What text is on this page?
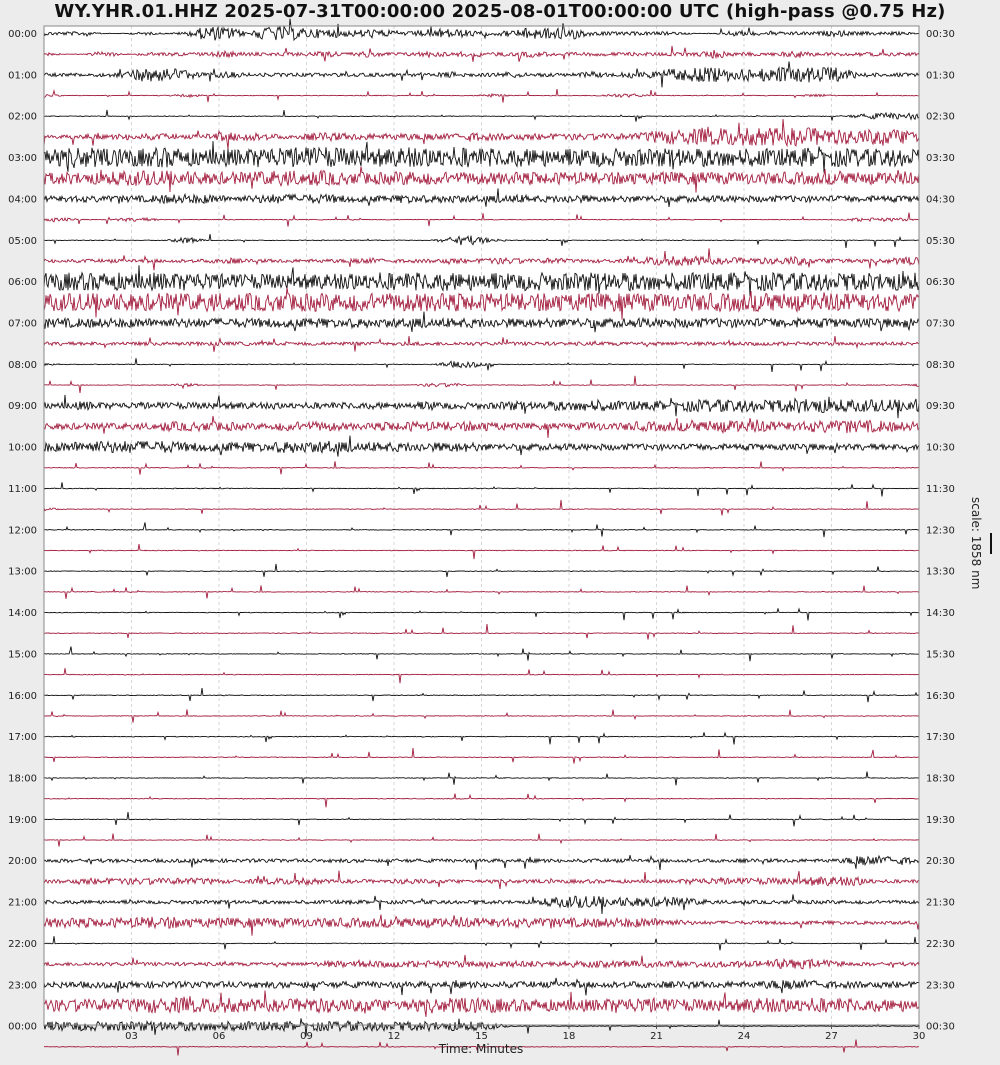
WY.YHR.01.HHZ 2025-07-31T00:00:00 2025-08-01T00:00:00 UTC (high-pass @0.75 Hz)
00:00
01:00
02:00
03:00
04:00
05:00
06:00
07:00
08:00
09:00
10:00
11:00
12:00
13:00
14:00
15:00
16:00
17:00
18:00
19:00
20:00
21:00
22:00
23:00
00:00
00:30
01:30
02:30
03:30
04:30
05:30
06:30
07:30
08:30
09:30
10:30
11:30
12:30
13:30
14:30
15:30
16:30
17:30
18:30
19:30
20:30
21:30
22:30
23:30
00:30
03	06	09	12	15	18	21	24	27	30
Time: Minutes
scale: 1858 nm
